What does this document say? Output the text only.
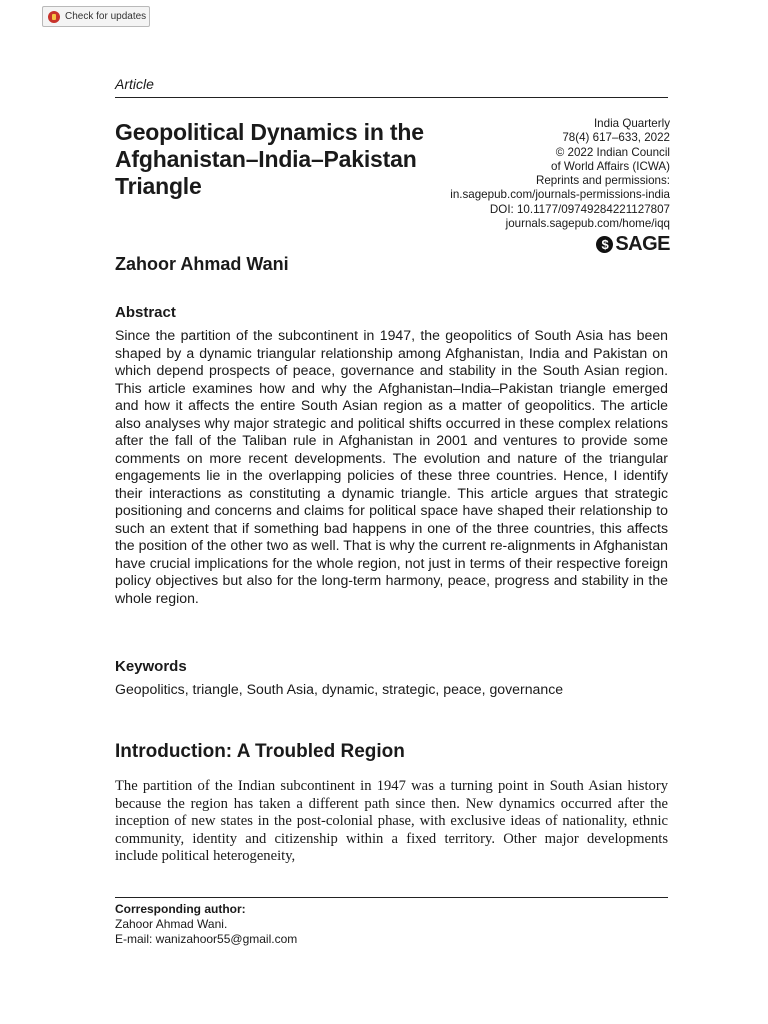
Check for updates
Article
Geopolitical Dynamics in the Afghanistan–India–Pakistan Triangle
India Quarterly
78(4) 617–633, 2022
© 2022 Indian Council
of World Affairs (ICWA)
Reprints and permissions:
in.sagepub.com/journals-permissions-india
DOI: 10.1177/09749284221127807
journals.sagepub.com/home/iqq
$ SAGE
Zahoor Ahmad Wani
Abstract

Since the partition of the subcontinent in 1947, the geopolitics of South Asia has been shaped by a dynamic triangular relationship among Afghanistan, India and Pakistan on which depend prospects of peace, governance and stability in the South Asian region. This article examines how and why the Afghanistan–India–Pakistan triangle emerged and how it affects the entire South Asian region as a matter of geopolitics. The article also analyses why major strategic and political shifts occurred in these complex relations after the fall of the Taliban rule in Afghanistan in 2001 and ventures to provide some comments on more recent developments. The evolution and nature of the triangular engagements lie in the overlapping policies of these three countries. Hence, I identify their interactions as constituting a dynamic triangle. This article argues that strategic positioning and concerns and claims for political space have shaped their relationship to such an extent that if something bad happens in one of the three countries, this affects the position of the other two as well. That is why the current re-alignments in Afghanistan have crucial implications for the whole region, not just in terms of their respective foreign policy objectives but also for the long-term harmony, peace, progress and stability in the whole region.

Keywords
Geopolitics, triangle, South Asia, dynamic, strategic, peace, governance
Introduction: A Troubled Region

The partition of the Indian subcontinent in 1947 was a turning point in South Asian history because the region has taken a different path since then. New dynamics occurred after the inception of new states in the post-colonial phase, with exclusive ideas of nationality, ethnic community, identity and citizenship within a fixed territory. Other major developments include political heterogeneity,

Corresponding author:
Zahoor Ahmad Wani.
E-mail: wanizahoor55@gmail.com
